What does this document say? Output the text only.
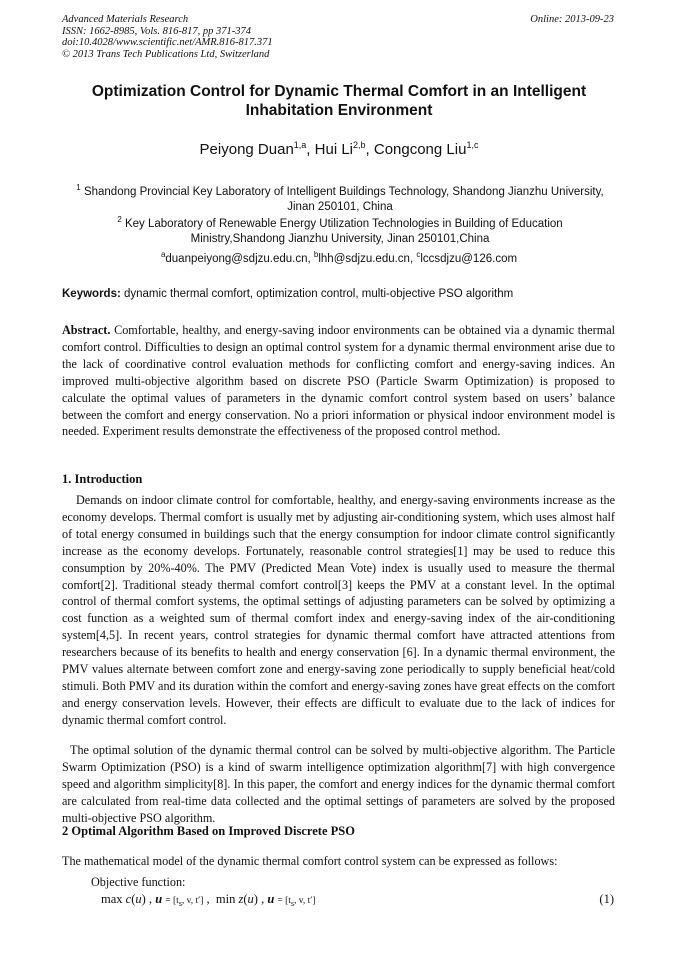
Advanced Materials Research
ISSN: 1662-8985, Vols. 816-817, pp 371-374
doi:10.4028/www.scientific.net/AMR.816-817.371
© 2013 Trans Tech Publications Ltd, Switzerland
Online: 2013-09-23
Optimization Control for Dynamic Thermal Comfort in an Intelligent Inhabitation Environment
Peiyong Duan$^{1,a}$, Hui Li$^{2,b}$, Congcong Liu$^{1,c}$
$^1$ Shandong Provincial Key Laboratory of Intelligent Buildings Technology, Shandong Jianzhu University, Jinan 250101, China
$^2$ Key Laboratory of Renewable Energy Utilization Technologies in Building of Education Ministry,Shandong Jianzhu University, Jinan 250101,China
$^a$duanpeiyong@sdjzu.edu.cn, $^b$lhh@sdjzu.edu.cn, $^c$lccsdjzu@126.com
Keywords: dynamic thermal comfort, optimization control, multi-objective PSO algorithm
Abstract. Comfortable, healthy, and energy-saving indoor environments can be obtained via a dynamic thermal comfort control. Difficulties to design an optimal control system for a dynamic thermal environment arise due to the lack of coordinative control evaluation methods for conflicting comfort and energy-saving indices. An improved multi-objective algorithm based on discrete PSO (Particle Swarm Optimization) is proposed to calculate the optimal values of parameters in the dynamic comfort control system based on users’ balance between the comfort and energy conservation. No a priori information or physical indoor environment model is needed. Experiment results demonstrate the effectiveness of the proposed control method.
1. Introduction
Demands on indoor climate control for comfortable, healthy, and energy-saving environments increase as the economy develops. Thermal comfort is usually met by adjusting air-conditioning system, which uses almost half of total energy consumed in buildings such that the energy consumption for indoor climate control significantly increase as the economy develops. Fortunately, reasonable control strategies[1] may be used to reduce this consumption by 20%-40%. The PMV (Predicted Mean Vote) index is usually used to measure the thermal comfort[2]. Traditional steady thermal comfort control[3] keeps the PMV at a constant level. In the optimal control of thermal comfort systems, the optimal settings of adjusting parameters can be solved by optimizing a cost function as a weighted sum of thermal comfort index and energy-saving index of the air-conditioning system[4,5]. In recent years, control strategies for dynamic thermal comfort have attracted attentions from researchers because of its benefits to health and energy conservation [6]. In a dynamic thermal environment, the PMV values alternate between comfort zone and energy-saving zone periodically to supply beneficial heat/cold stimuli. Both PMV and its duration within the comfort and energy-saving zones have great effects on the comfort and energy conservation levels. However, their effects are difficult to evaluate due to the lack of indices for dynamic thermal comfort control.
The optimal solution of the dynamic thermal control can be solved by multi-objective algorithm. The Particle Swarm Optimization (PSO) is a kind of swarm intelligence optimization algorithm[7] with high convergence speed and algorithm simplicity[8]. In this paper, the comfort and energy indices for the dynamic thermal comfort are calculated from real-time data collected and the optimal settings of parameters are solved by the proposed multi-objective PSO algorithm.
2 Optimal Algorithm Based on Improved Discrete PSO
The mathematical model of the dynamic thermal comfort control system can be expressed as follows:
Objective function:
max c(u) , $u = [t_s$, v, t′] ,  min z(u) , $u = [t_s$, v, t′]	(1)
